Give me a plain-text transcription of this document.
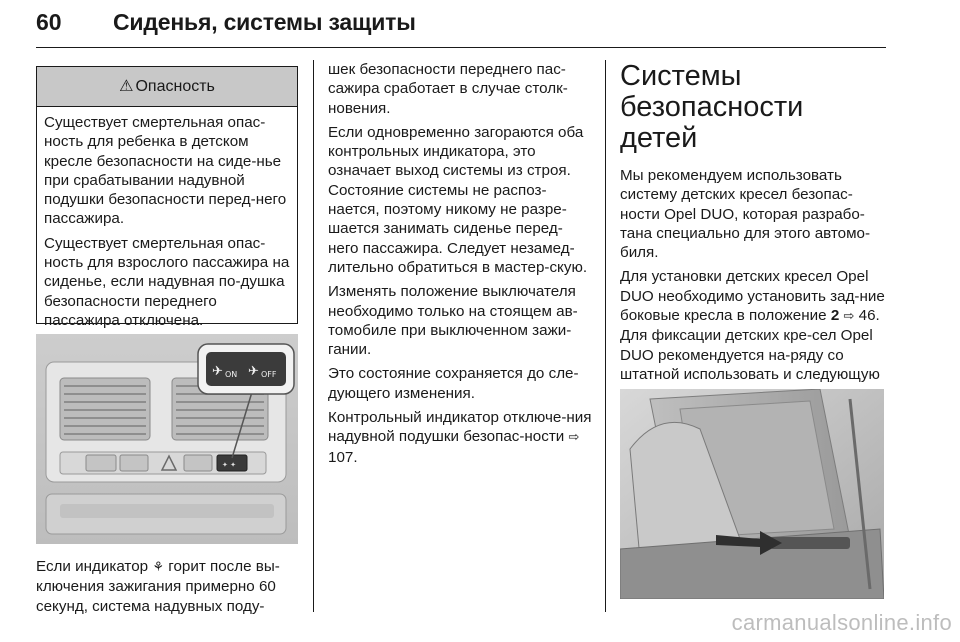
60 Сиденья, системы защиты
⚠ Опасность

Существует смертельная опас-ность для ребенка в детском кресле безопасности на сиде-нье при срабатывании надувной подушки безопасности перед-него пассажира.

Существует смертельная опас-ность для взрослого пассажира на сиденье, если надувная по-душка безопасности переднего пассажира отключена.

✦ ✦
✈ ON ✈ OFF

Если индикатор ⚘ горит после вы-ключения зажигания примерно 60 секунд, система надувных поду-

шек безопасности переднего пас-сажира сработает в случае столк-новения.

Если одновременно загораются оба контрольных индикатора, это означает выход системы из строя. Состояние системы не распоз-нается, поэтому никому не разре-шается занимать сиденье перед-него пассажира. Следует незамед-лительно обратиться в мастер-скую.

Изменять положение выключателя необходимо только на стоящем ав-томобиле при выключенном зажи-гании.

Это состояние сохраняется до сле-дующего изменения.

Контрольный индикатор отключе-ния надувной подушки безопас-ности ⇨ 107.

Системы безопасности детей

Мы рекомендуем использовать систему детских кресел безопас-ности Opel DUO, которая разрабо-тана специально для этого автомо-биля.

Для установки детских кресел Opel DUO необходимо установить зад-ние боковые кресла в положение 2 ⇨ 46. Для фиксации детских кре-сел Opel DUO рекомендуется на-ряду со штатной использовать и следующую

carmanualsonline.info
